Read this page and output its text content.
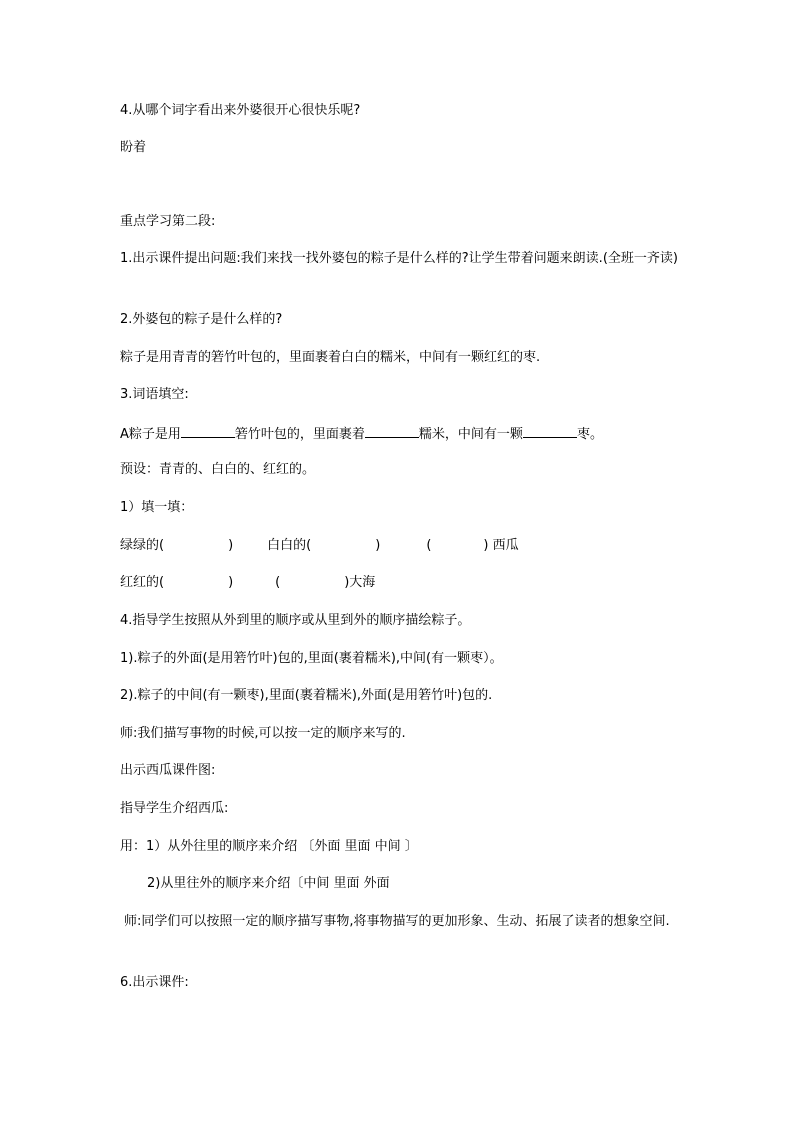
4.从哪个词字看出来外婆很开心很快乐呢?
盼着
重点学习第二段:
1.出示课件提出问题:我们来找一找外婆包的粽子是什么样的?让学生带着问题来朗读.(全班一齐读)
2.外婆包的粽子是什么样的?
粽子是用青青的箬竹叶包的，里面裹着白白的糯米，中间有一颗红红的枣.
3.词语填空:
A粽子是用	箬竹叶包的，里面裹着	糯米，中间有一颗	枣。
预设：青青的、白白的、红红的。
1）填一填：
绿绿的(	)	白白的(	)	(	) 西瓜
红红的(	)	(	)大海
4.指导学生按照从外到里的顺序或从里到外的顺序描绘粽子。
1).粽子的外面(是用箬竹叶)包的,里面(裹着糯米),中间(有一颗枣）。
2).粽子的中间(有一颗枣),里面(裹着糯米),外面(是用箬竹叶)包的.
师:我们描写事物的时候,可以按一定的顺序来写的.
出示西瓜课件图:
指导学生介绍西瓜:
用：1）从外往里的顺序来介绍 〔外面 里面 中间 〕
2)从里往外的顺序来介绍〔中间 里面 外面
师:同学们可以按照一定的顺序描写事物,将事物描写的更加形象、生动、拓展了读者的想象空间.
6.出示课件:
